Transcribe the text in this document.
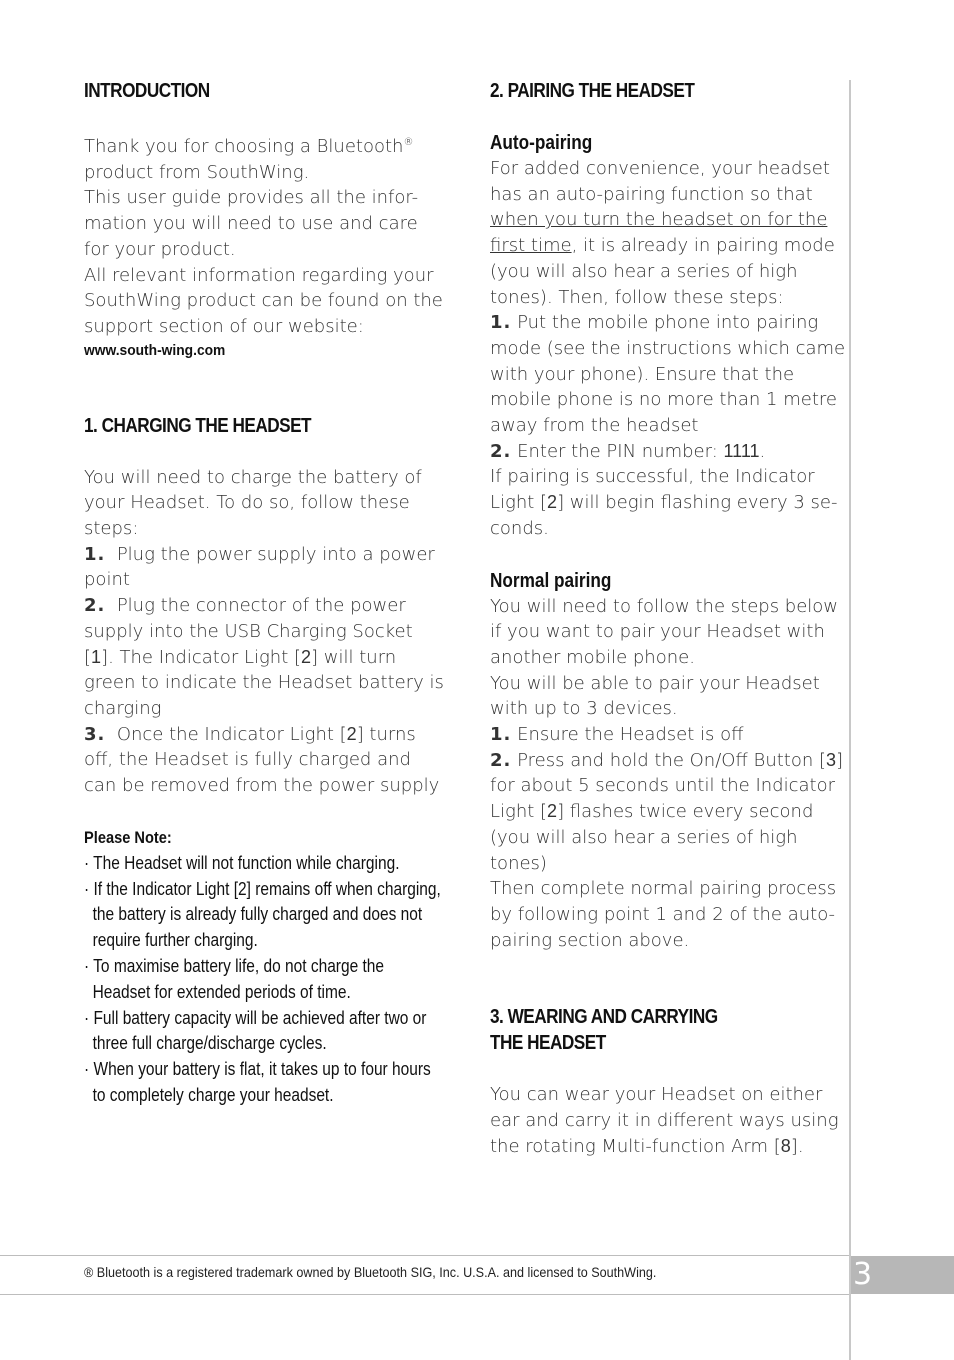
INTRODUCTION
Thank you for choosing a Bluetooth®
product from SouthWing.
This user guide provides all the infor-mation you will need to use and care for your product.
All relevant information regarding your SouthWing product can be found on the support section of our website:
www.south-wing.com
1. CHARGING THE HEADSET
You will need to charge the battery of your Headset. To do so, follow these steps:
1. Plug the power supply into a power point
2. Plug the connector of the power supply into the USB Charging Socket [1]. The Indicator Light [2] will turn green to indicate the Headset battery is charging
3. Once the Indicator Light [2] turns off, the Headset is fully charged and can be removed from the power supply
Please Note:
· The Headset will not function while charging.
· If the Indicator Light [2] remains off when charging, the battery is already fully charged and does not require further charging.
· To maximise battery life, do not charge the Headset for extended periods of time.
· Full battery capacity will be achieved after two or three full charge/discharge cycles.
· When your battery is flat, it takes up to four hours to completely charge your headset.
2. PAIRING THE HEADSET
Auto-pairing
For added convenience, your headset has an auto-pairing function so that when you turn the headset on for the first time, it is already in pairing mode (you will also hear a series of high tones). Then, follow these steps:
1. Put the mobile phone into pairing mode (see the instructions which came with your phone). Ensure that the mobile phone is no more than 1 metre away from the headset
2. Enter the PIN number: 1111.
If pairing is successful, the Indicator Light [2] will begin flashing every 3 se-conds.
Normal pairing
You will need to follow the steps below if you want to pair your Headset with another mobile phone.
You will be able to pair your Headset with up to 3 devices.
1. Ensure the Headset is off
2. Press and hold the On/Off Button [3] for about 5 seconds until the Indicator Light [2] flashes twice every second (you will also hear a series of high tones)
Then complete normal pairing process by following point 1 and 2 of the auto-pairing section above.
3. WEARING AND CARRYING
THE HEADSET
You can wear your Headset on either ear and carry it in different ways using the rotating Multi-function Arm [8].
® Bluetooth is a registered trademark owned by Bluetooth SIG, Inc. U.S.A. and licensed to SouthWing.	3
